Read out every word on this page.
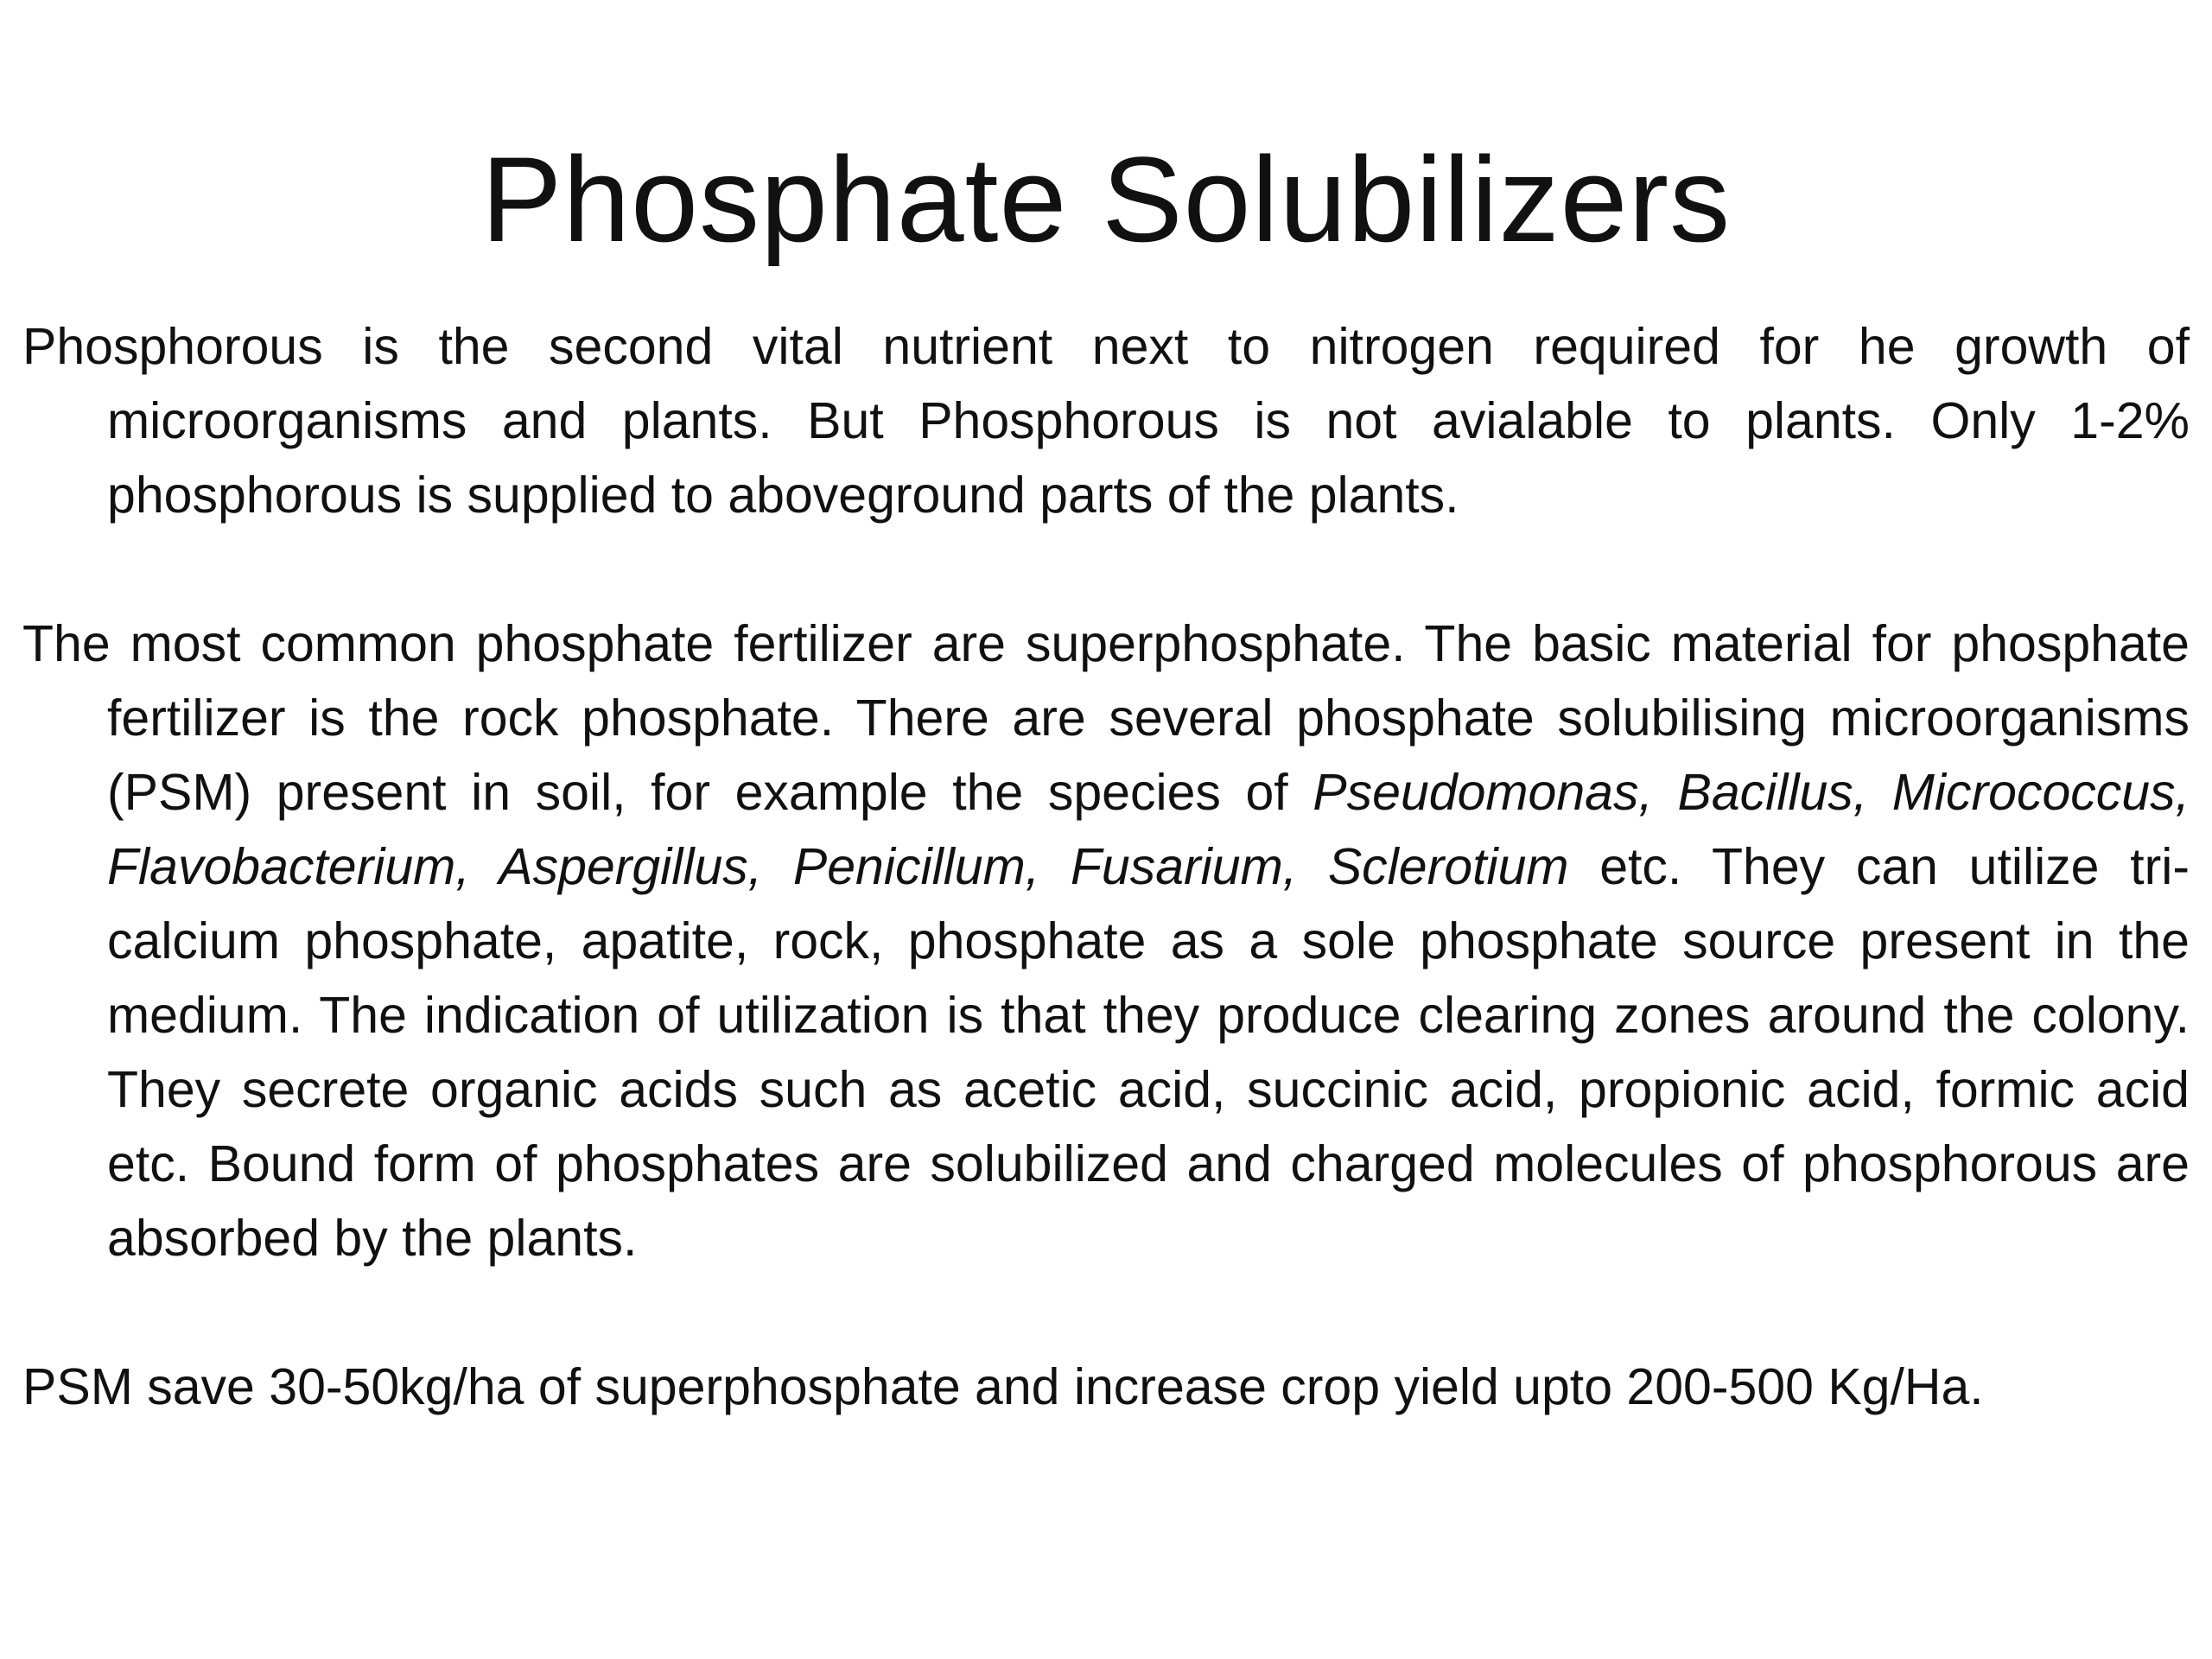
Phosphate Solubilizers

Phosphorous is the second vital nutrient next to nitrogen required for he growth of microorganisms and plants. But Phosphorous is not avialable to plants. Only 1-2% phosphorous is supplied to aboveground parts of the plants.

The most common phosphate fertilizer are superphosphate. The basic material for phosphate fertilizer is the rock phosphate. There are several phosphate solubilising microorganisms (PSM) present in soil, for example the species of Pseudomonas, Bacillus, Micrococcus, Flavobacterium, Aspergillus, Penicillum, Fusarium, Sclerotium etc. They can utilize tri-calcium phosphate, apatite, rock, phosphate as a sole phosphate source present in the medium. The indication of utilization is that they produce clearing zones around the colony. They secrete organic acids such as acetic acid, succinic acid, propionic acid, formic acid etc. Bound form of phosphates are solubilized and charged molecules of phosphorous are absorbed by the plants.

PSM save 30-50kg/ha of superphosphate and increase crop yield upto 200-500 Kg/Ha.
